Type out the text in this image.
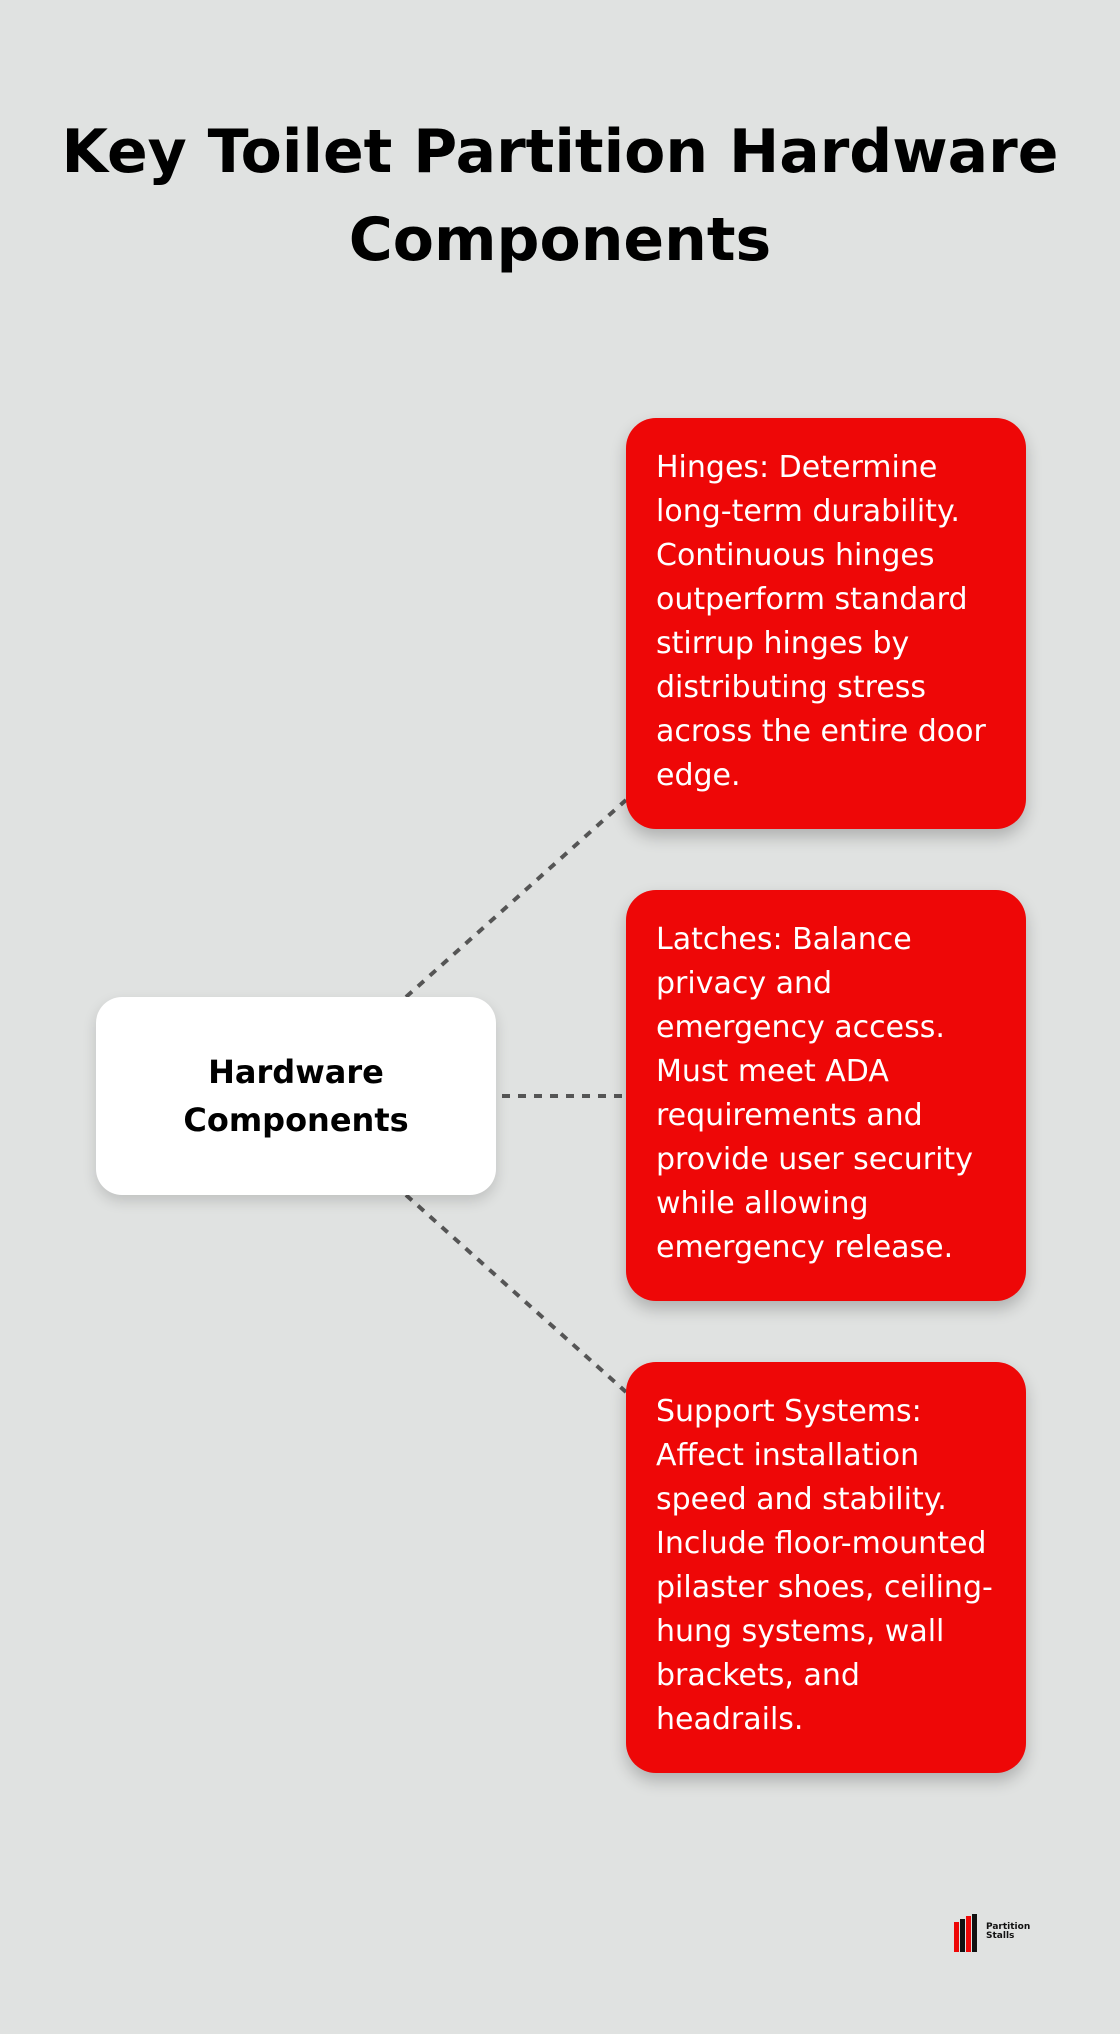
Key Toilet Partition Hardware Components
Hardware Components

Hinges: Determine long-term durability. Continuous hinges outperform standard stirrup hinges by distributing stress across the entire door edge.

Latches: Balance privacy and emergency access. Must meet ADA requirements and provide user security while allowing emergency release.

Support Systems: Affect installation speed and stability. Include floor-mounted pilaster shoes, ceiling-hung systems, wall brackets, and headrails.

Partition Stalls
